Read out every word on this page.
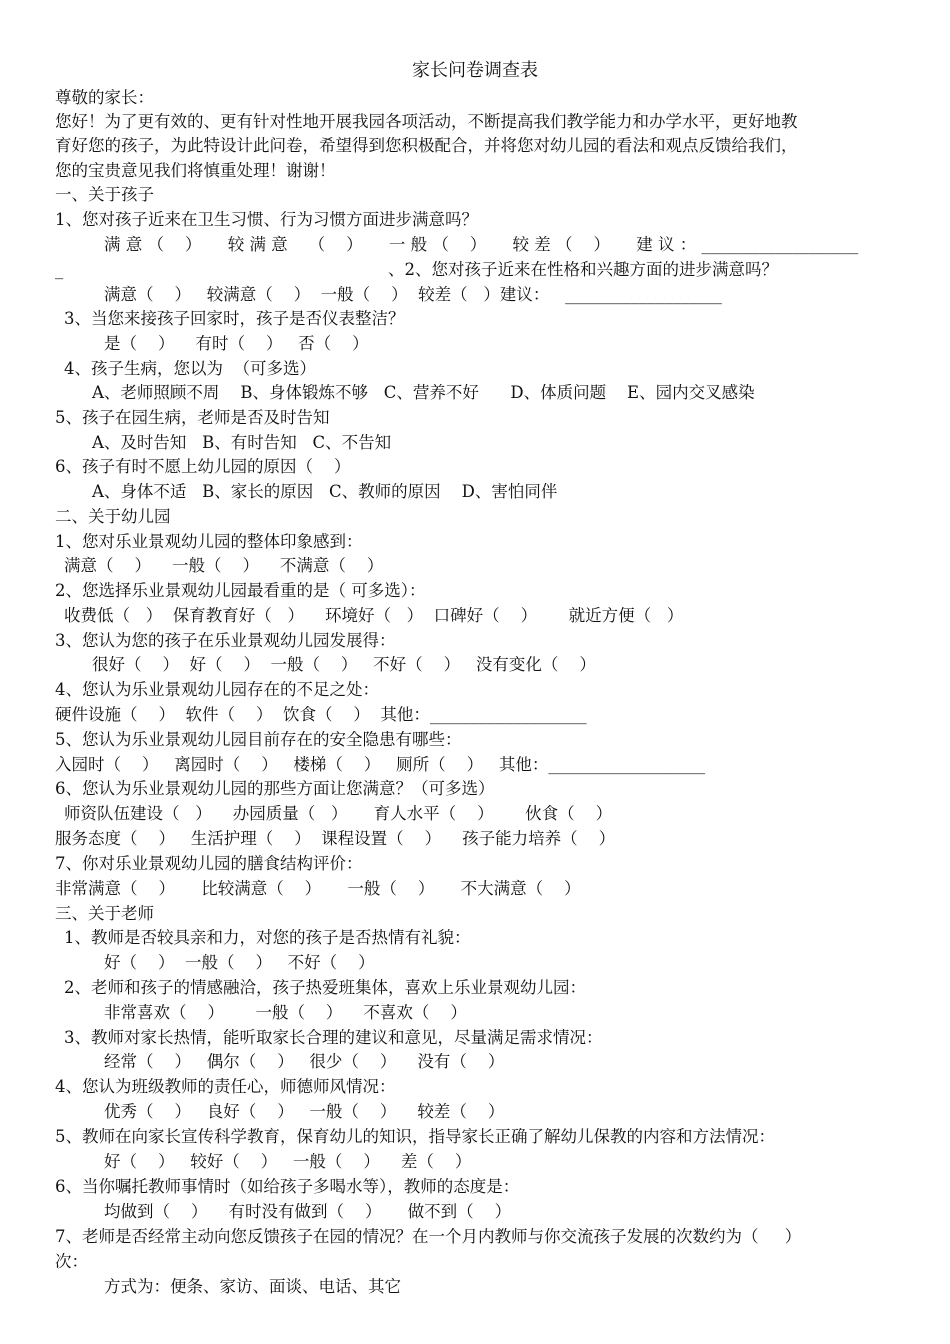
家长问卷调查表
尊敬的家长：
您好！为了更有效的、更有针对性地开展我园各项活动，不断提高我们教学能力和办学水平，更好地教
育好您的孩子，为此特设计此问卷，希望得到您积极配合，并将您对幼儿园的看法和观点反馈给我们，
您的宝贵意见我们将慎重处理！谢谢！
一、关于孩子
1、您对孩子近来在卫生习惯、行为习惯方面进步满意吗？
满 意 （    ）     较 满 意    （    ）     一 般 （    ）     较 差 （    ）     建 议 ： ___________________
_	、2、您对孩子近来在性格和兴趣方面的进步满意吗？
满意（    ）   较满意（    ）  一般（    ）  较差（   ）建议：   ___________________
3、当您来接孩子回家时，孩子是否仪表整洁？
是（    ）    有时（    ）   否（    ）
4、孩子生病，您以为  （可多选）
A、老师照顾不周    B、身体锻炼不够   C、营养不好      D、体质问题    E、园内交叉感染
5、孩子在园生病，老师是否及时告知
A、及时告知   B、有时告知   C、不告知
6、孩子有时不愿上幼儿园的原因（    ）
A、身体不适   B、家长的原因   C、教师的原因    D、害怕同伴
二、关于幼儿园
1、您对乐业景观幼儿园的整体印象感到：
满意（    ）    一般（    ）    不满意（    ）
2、您选择乐业景观幼儿园最看重的是（ 可多选）：
收费低（   ）  保育教育好（   ）    环境好（   ）  口碑好（    ）      就近方便（   ）
3、您认为您的孩子在乐业景观幼儿园发展得：
很好（    ）  好（    ）  一般（    ）   不好（    ）   没有变化（    ）
4、您认为乐业景观幼儿园存在的不足之处：
硬件设施（    ）  软件（    ）  饮食（    ）  其他：___________________
5、您认为乐业景观幼儿园目前存在的安全隐患有哪些：
入园时（    ）   离园时（    ）   楼梯（    ）   厕所（    ）   其他：___________________
6、您认为乐业景观幼儿园的那些方面让您满意？（可多选）
师资队伍建设（   ）    办园质量（   ）     育人水平（    ）      伙食（    ）
服务态度（    ）   生活护理（    ）  课程设置（    ）    孩子能力培养（    ）
7、你对乐业景观幼儿园的膳食结构评价：
非常满意（    ）     比较满意（    ）     一般（    ）     不大满意（    ）
三、关于老师
1、教师是否较具亲和力，对您的孩子是否热情有礼貌：
好（    ）  一般（    ）   不好（    ）
2、老师和孩子的情感融洽，孩子热爱班集体，喜欢上乐业景观幼儿园：
非常喜欢（    ）      一般（    ）    不喜欢（    ）
3、教师对家长热情，能听取家长合理的建议和意见，尽量满足需求情况：
经常（    ）   偶尔（    ）   很少（    ）    没有（    ）
4、您认为班级教师的责任心，师德师风情况：
优秀（    ）   良好（    ）   一般（    ）    较差（    ）
5、教师在向家长宣传科学教育，保育幼儿的知识，指导家长正确了解幼儿保教的内容和方法情况：
好（    ）   较好（    ）   一般（    ）    差（    ）
6、当你嘱托教师事情时（如给孩子多喝水等），教师的态度是：
均做到（    ）    有时没有做到（    ）     做不到（    ）
7、老师是否经常主动向您反馈孩子在园的情况？在一个月内教师与你交流孩子发展的次数约为（     ）
次：
方式为：便条、家访、面谈、电话、其它
